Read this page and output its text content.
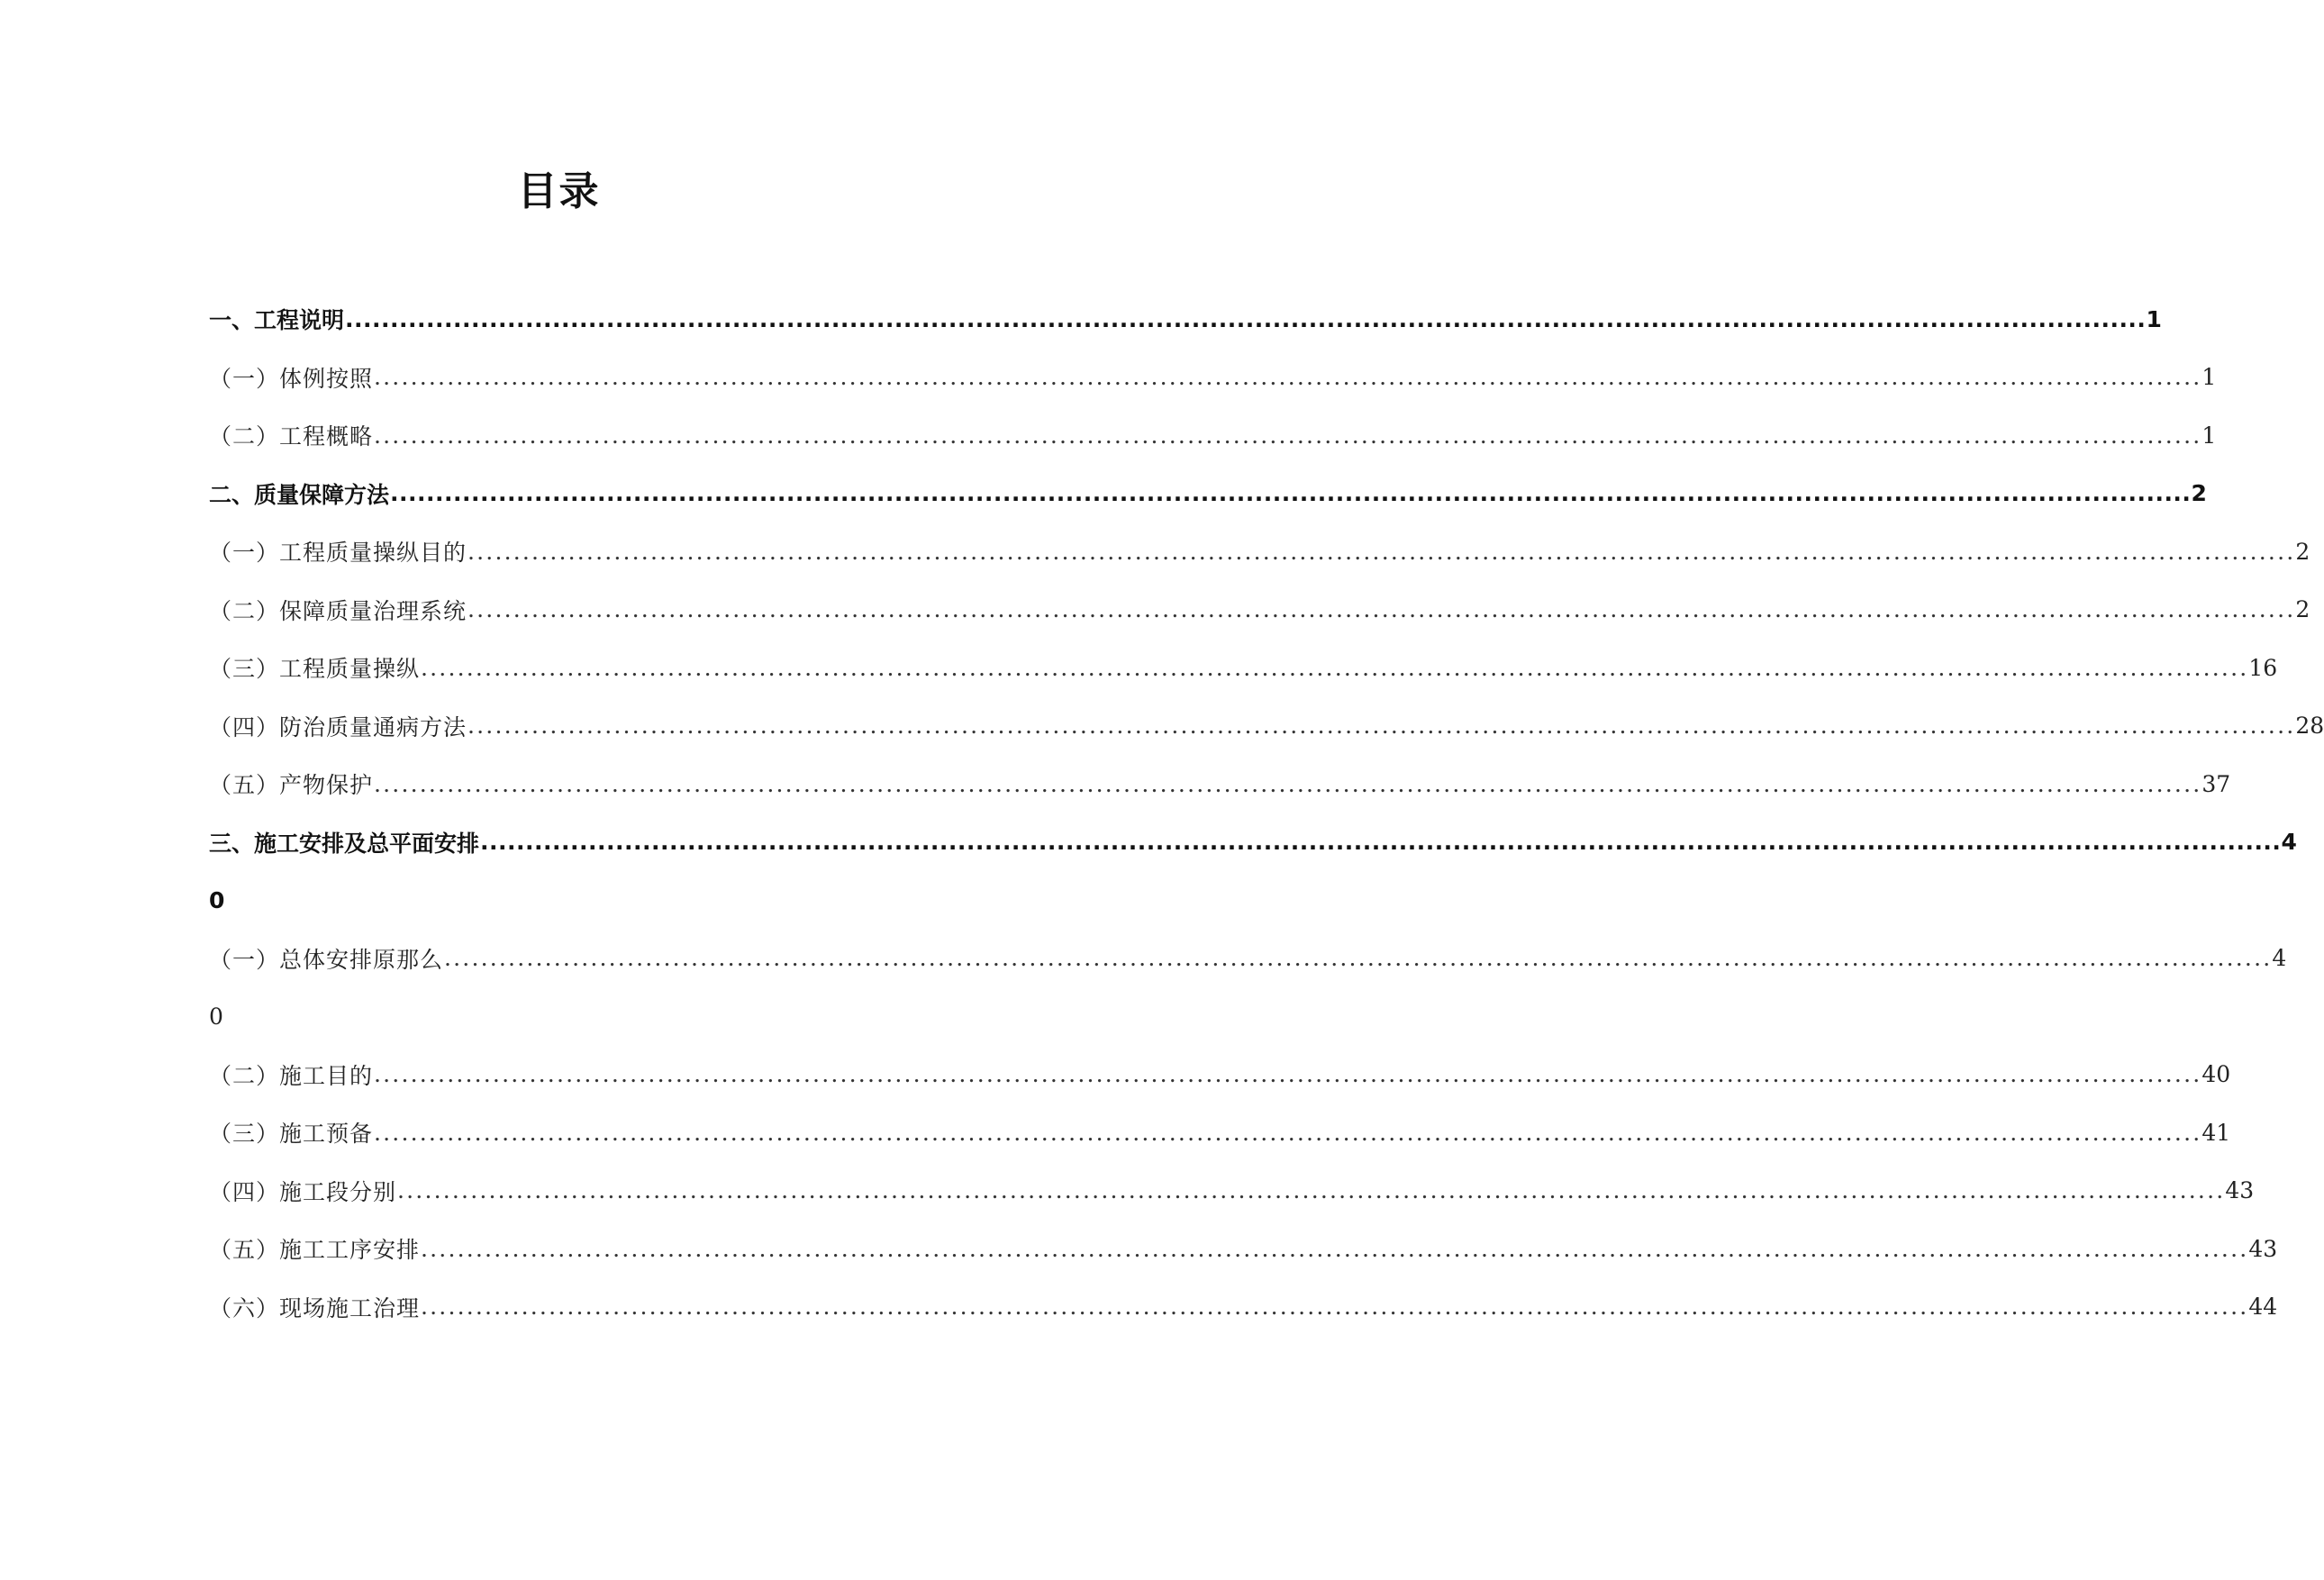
目录
一、工程说明 ........................................................................................................................................................................................................ 1
（一）体例按照 ........................................................................................................................................................................................................ 1
（二）工程概略 ........................................................................................................................................................................................................ 1
二、质量保障方法 ........................................................................................................................................................................................................ 2
（一）工程质量操纵目的 ........................................................................................................................................................................................................ 2
（二）保障质量治理系统 ........................................................................................................................................................................................................ 2
（三）工程质量操纵 ........................................................................................................................................................................................................ 16
（四）防治质量通病方法 ........................................................................................................................................................................................................ 28
（五）产物保护 ........................................................................................................................................................................................................ 37
三、施工安排及总平面安排 ........................................................................................................................................................................................................ 4
0
（一）总体安排原那么 ........................................................................................................................................................................................................ 4
0
（二）施工目的 ........................................................................................................................................................................................................ 40
（三）施工预备 ........................................................................................................................................................................................................ 41
（四）施工段分别 ........................................................................................................................................................................................................ 43
（五）施工工序安排 ........................................................................................................................................................................................................ 43
（六）现场施工治理 ........................................................................................................................................................................................................ 44
